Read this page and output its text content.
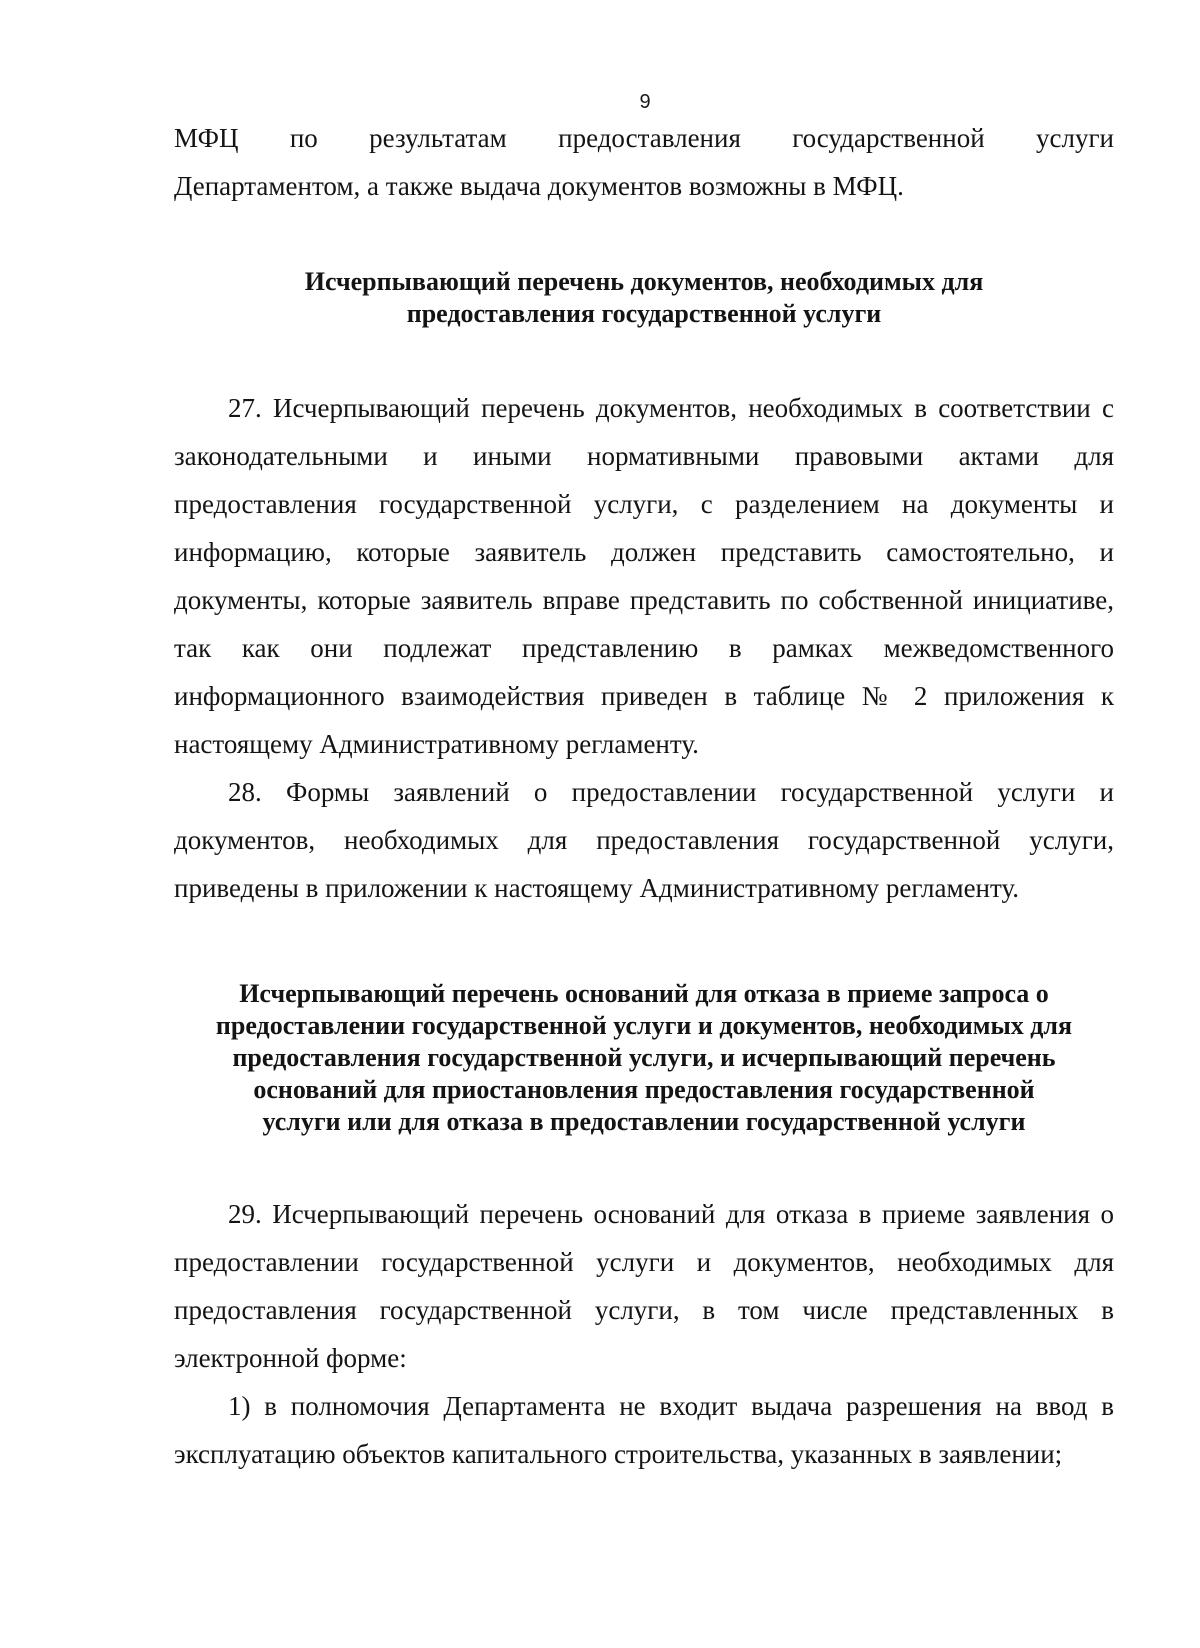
9

МФЦ по результатам предоставления государственной услуги
Департаментом, а также выдача документов возможны в МФЦ.

Исчерпывающий перечень документов, необходимых для
предоставления государственной услуги

27. Исчерпывающий перечень документов, необходимых в соответствии с законодательными и иными нормативными правовыми актами для предоставления государственной услуги, с разделением на документы и информацию, которые заявитель должен представить самостоятельно, и документы, которые заявитель вправе представить по собственной инициативе, так как они подлежат представлению в рамках межведомственного информационного взаимодействия приведен в таблице № 2 приложения к настоящему Административному регламенту.

28. Формы заявлений о предоставлении государственной услуги и документов, необходимых для предоставления государственной услуги, приведены в приложении к настоящему Административному регламенту.

Исчерпывающий перечень оснований для отказа в приеме запроса о
предоставлении государственной услуги и документов, необходимых для
предоставления государственной услуги, и исчерпывающий перечень
оснований для приостановления предоставления государственной
услуги или для отказа в предоставлении государственной услуги

29. Исчерпывающий перечень оснований для отказа в приеме заявления о предоставлении государственной услуги и документов, необходимых для предоставления государственной услуги, в том числе представленных в электронной форме:

1) в полномочия Департамента не входит выдача разрешения на ввод в эксплуатацию объектов капитального строительства, указанных в заявлении;
